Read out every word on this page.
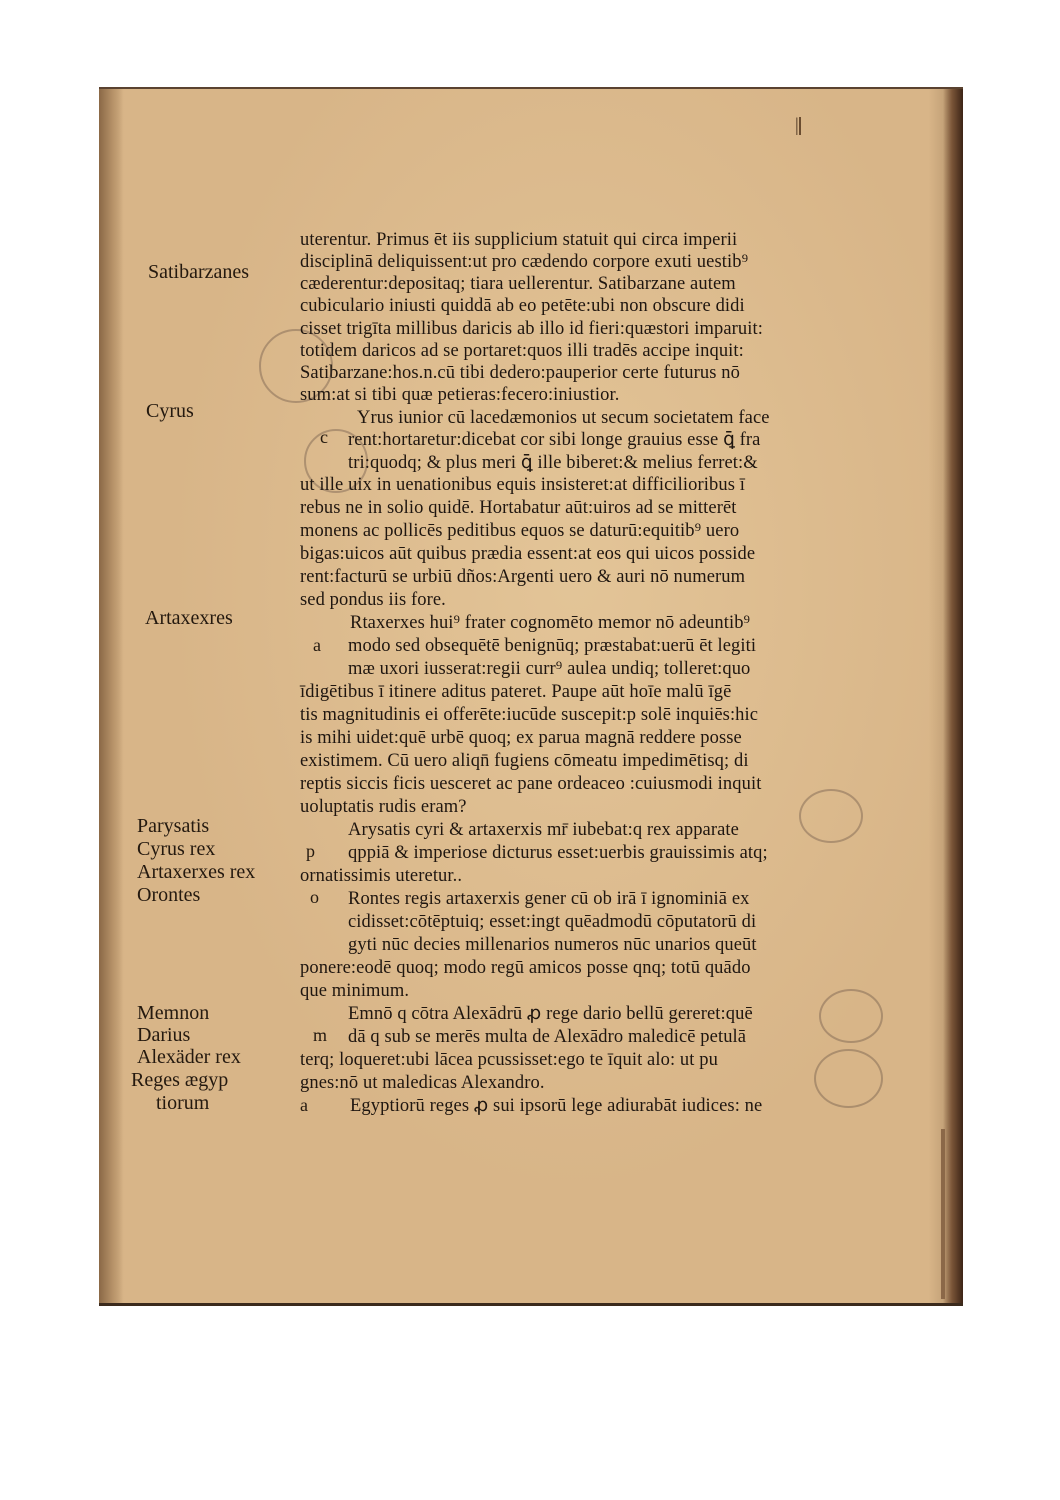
Satibarzanes
Cyrus
Artaxexres
Parysatis
Cyrus rex
Artaxerxes rex
Orontes
Memnon
Darius
Alexäder rex
Reges ægyp
tiorum
c
a
p
o
m
a
uterentur. Primus ēt iis supplicium statuit qui circa imperii
disciplinā deliquissent:ut pro cædendo corpore exuti uestib⁹
cæderentur:depositaq; tiara uellerentur. Satibarzane autem
cubiculario iniusti quiddā ab eo petēte:ubi non obscure didi
cisset trigīta millibus daricis ab illo id fieri:quæstori imparuit:
totidem daricos ad se portaret:quos illi tradēs accipe inquit:
Satibarzane:hos.n.cū tibi dedero:pauperior certe futurus nō
sum:at si tibi quæ petieras:fecero:iniustior.
Yrus iunior cū lacedæmonios ut secum societatem face
rent:hortaretur:dicebat cor sibi longe grauius esse ꝗ̄ fra
tri:quodq; & plus meri ꝗ̄ ille biberet:& melius ferret:&
ut ille uix in uenationibus equis insisteret:at difficilioribus ī
rebus ne in solio quidē. Hortabatur aūt:uiros ad se mitterēt
monens ac pollicēs peditibus equos se daturū:equitib⁹ uero
bigas:uicos aūt quibus prædia essent:at eos qui uicos posside
rent:facturū se urbiū dños:Argenti uero & auri nō numerum
sed pondus iis fore.
Rtaxerxes hui⁹ frater cognomēto memor nō adeuntib⁹
modo sed obsequētē benignūq; præstabat:uerū ēt legiti
mæ uxori iusserat:regii curr⁹ aulea undiq; tolleret:quo
īdigētibus ī itinere aditus pateret. Paupe aūt hoīe malū īgē
tis magnitudinis ei offerēte:iucūde suscepit:p solē inquiēs:hic
is mihi uidet:quē urbē quoq; ex parua magnā reddere posse
existimem. Cū uero aliqn̄ fugiens cōmeatu impedimētisq; di
reptis siccis ficis uesceret ac pane ordeaceo :cuiusmodi inquit
uoluptatis rudis eram?
Arysatis cyri & artaxerxis mr̄ iubebat:q rex apparate
qppiā & imperiose dicturus esset:uerbis grauissimis atq;
ornatissimis uteretur..
Rontes regis artaxerxis gener cū ob irā ī ignominiā ex
cidisset:cōtēptuiq; esset:ingt quēadmodū cōputatorū di
gyti nūc decies millenarios numeros nūc unarios queūt
ponere:eodē quoq; modo regū amicos posse qnq; totū quādo
que minimum.
Emnō q cōtra Alexādrū ꝓ rege dario bellū gereret:quē
dā q sub se merēs multa de Alexādro maledicē petulā
terq; loqueret:ubi lācea pcussisset:ego te īquit alo: ut pu
gnes:nō ut maledicas Alexandro.
Egyptiorū reges ꝓ sui ipsorū lege adiurabāt iudices: ne
|
